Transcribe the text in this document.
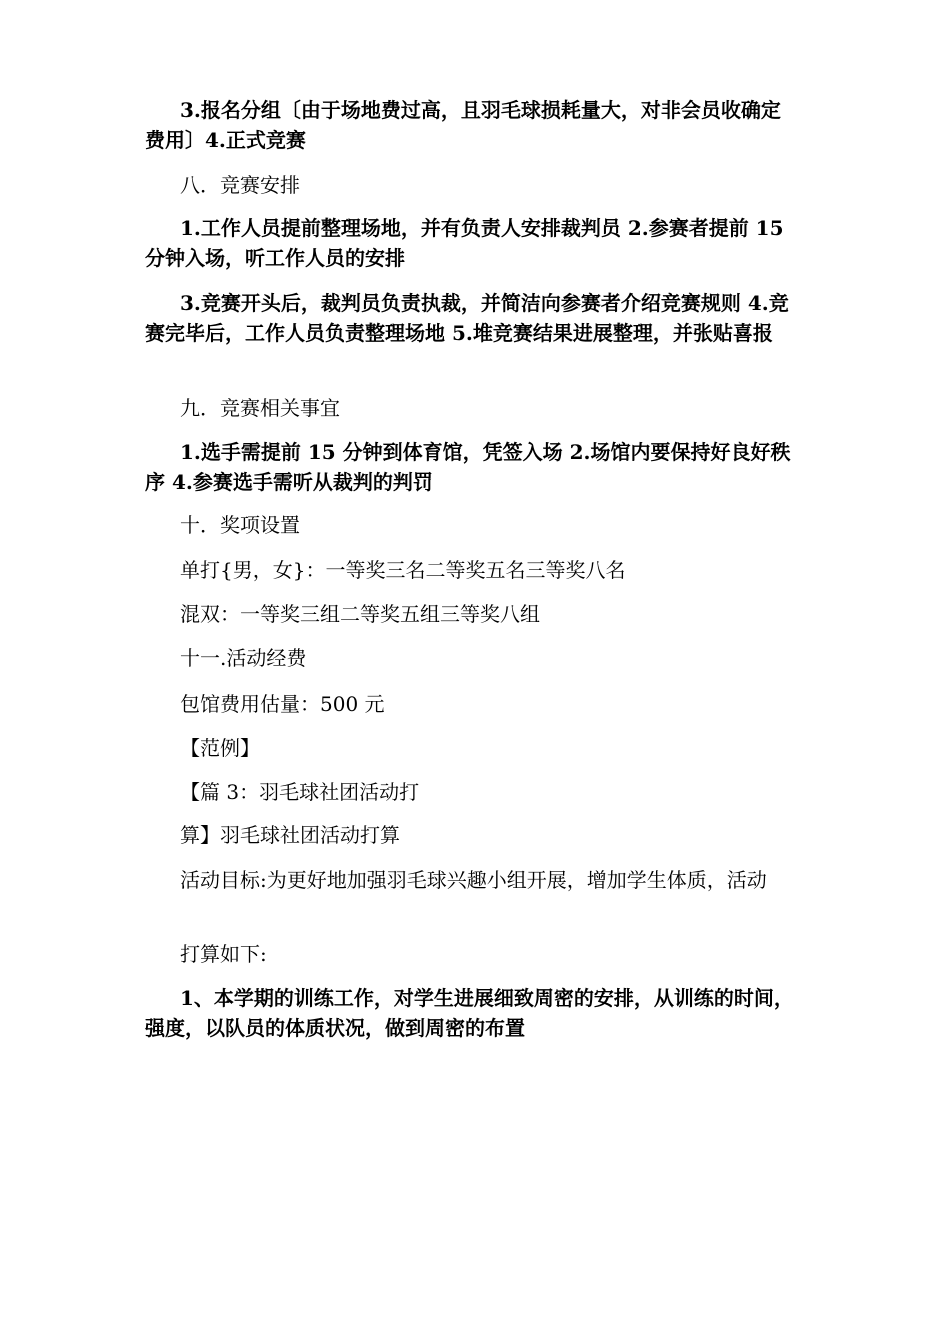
3.报名分组〔由于场地费过高，且羽毛球损耗量大，对非会员收确定费用〕4.正式竞赛

八．竞赛安排

1.工作人员提前整理场地，并有负责人安排裁判员 2.参赛者提前 15 分钟入场，听工作人员的安排

3.竞赛开头后，裁判员负责执裁，并简洁向参赛者介绍竞赛规则 4.竞赛完毕后，工作人员负责整理场地 5.堆竞赛结果进展整理，并张贴喜报

九．竞赛相关事宜

1.选手需提前 15 分钟到体育馆，凭签入场 2.场馆内要保持好良好秩序 4.参赛选手需听从裁判的判罚

十．奖项设置

单打{男，女}：一等奖三名二等奖五名三等奖八名

混双：一等奖三组二等奖五组三等奖八组

十一.活动经费

包馆费用估量：500 元

【范例】

【篇 3：羽毛球社团活动打

算】羽毛球社团活动打算

活动目标:为更好地加强羽毛球兴趣小组开展，增加学生体质，活动

打算如下:

1、本学期的训练工作，对学生进展细致周密的安排，从训练的时间，强度，以队员的体质状况，做到周密的布置
